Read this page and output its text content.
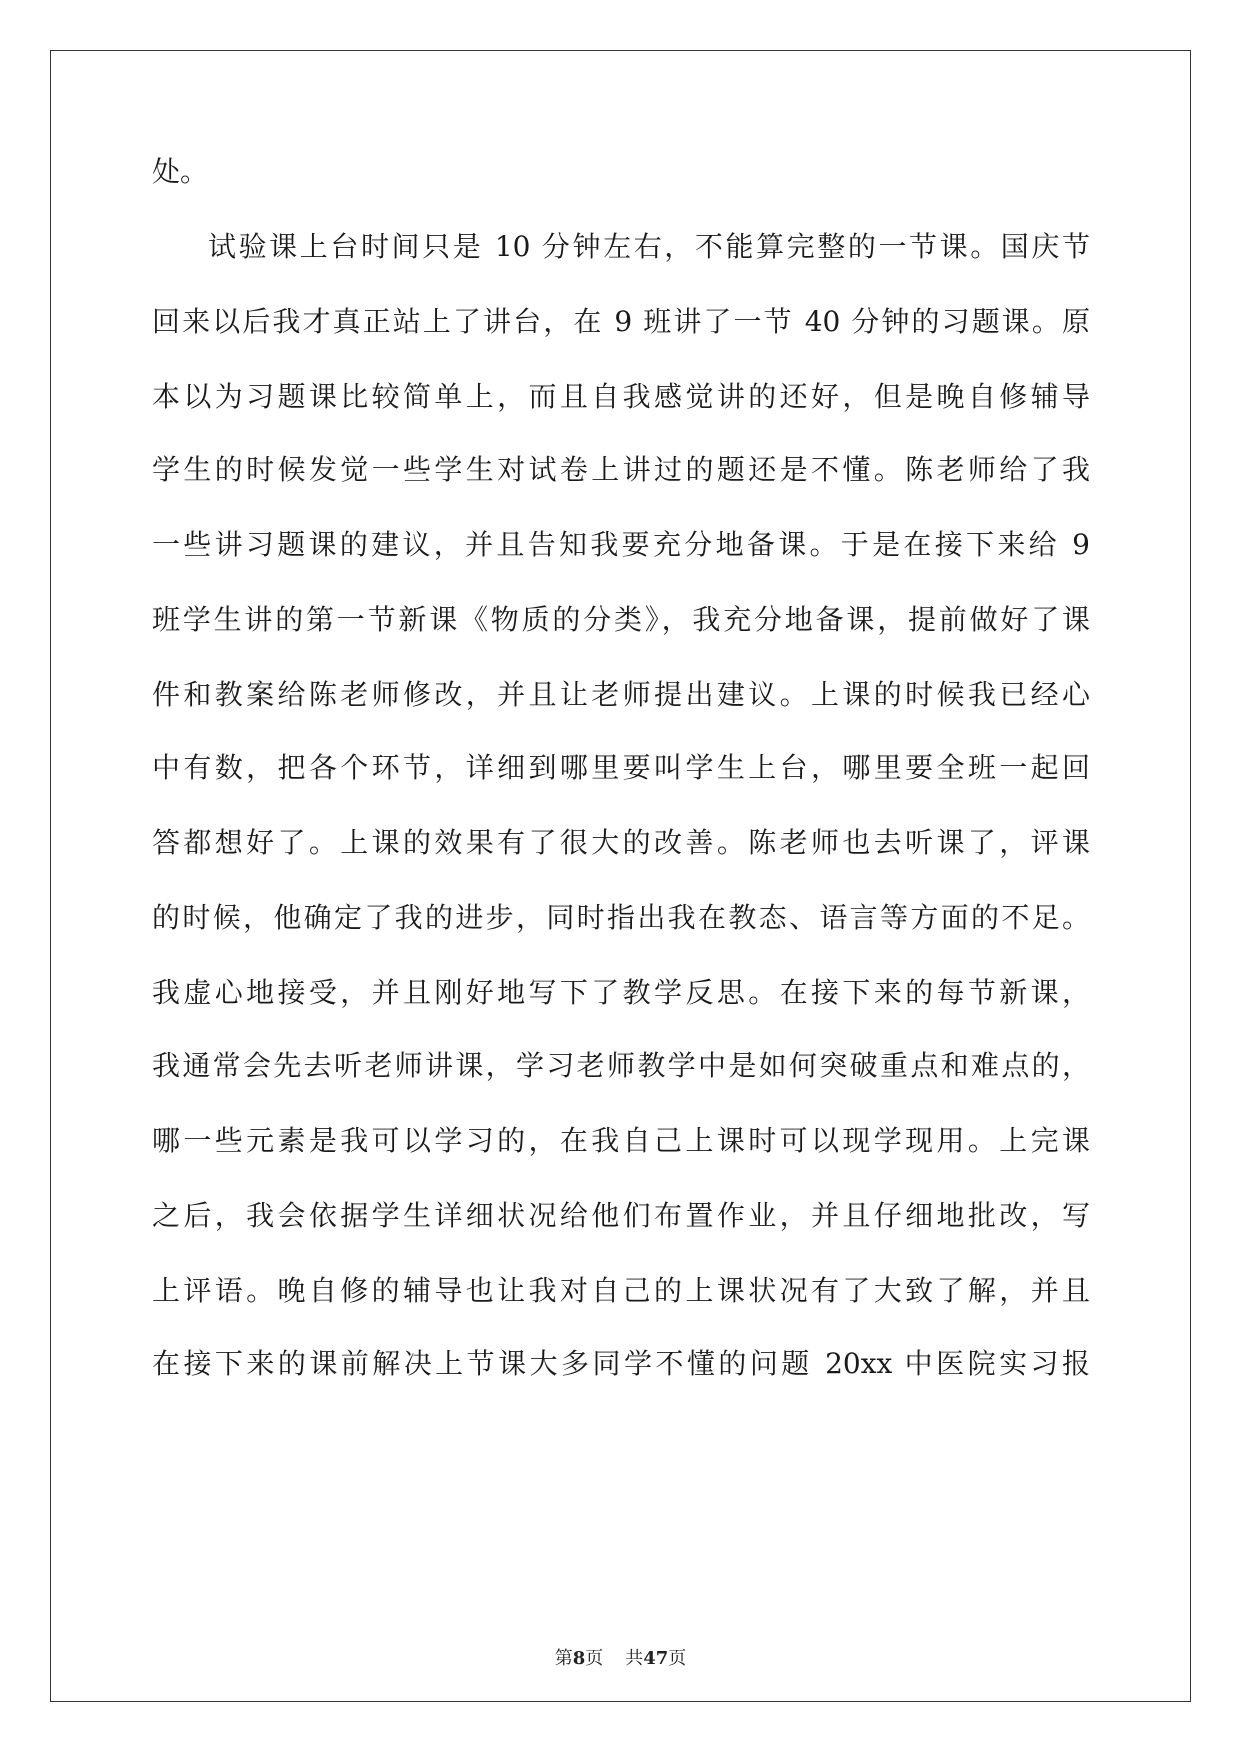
处。
试验课上台时间只是 10 分钟左右，不能算完整的一节课。国庆节
回来以后我才真正站上了讲台，在 9 班讲了一节 40 分钟的习题课。原
本以为习题课比较简单上，而且自我感觉讲的还好，但是晚自修辅导
学生的时候发觉一些学生对试卷上讲过的题还是不懂。陈老师给了我
一些讲习题课的建议，并且告知我要充分地备课。于是在接下来给 9
班学生讲的第一节新课《物质的分类》，我充分地备课，提前做好了课
件和教案给陈老师修改，并且让老师提出建议。上课的时候我已经心
中有数，把各个环节，详细到哪里要叫学生上台，哪里要全班一起回
答都想好了。上课的效果有了很大的改善。陈老师也去听课了，评课
的时候，他确定了我的进步，同时指出我在教态、语言等方面的不足。
我虚心地接受，并且刚好地写下了教学反思。在接下来的每节新课，
我通常会先去听老师讲课，学习老师教学中是如何突破重点和难点的，
哪一些元素是我可以学习的，在我自己上课时可以现学现用。上完课
之后，我会依据学生详细状况给他们布置作业，并且仔细地批改，写
上评语。晚自修的辅导也让我对自己的上课状况有了大致了解，并且
在接下来的课前解决上节课大多同学不懂的问题 20xx 中医院实习报
第8页 共47页
